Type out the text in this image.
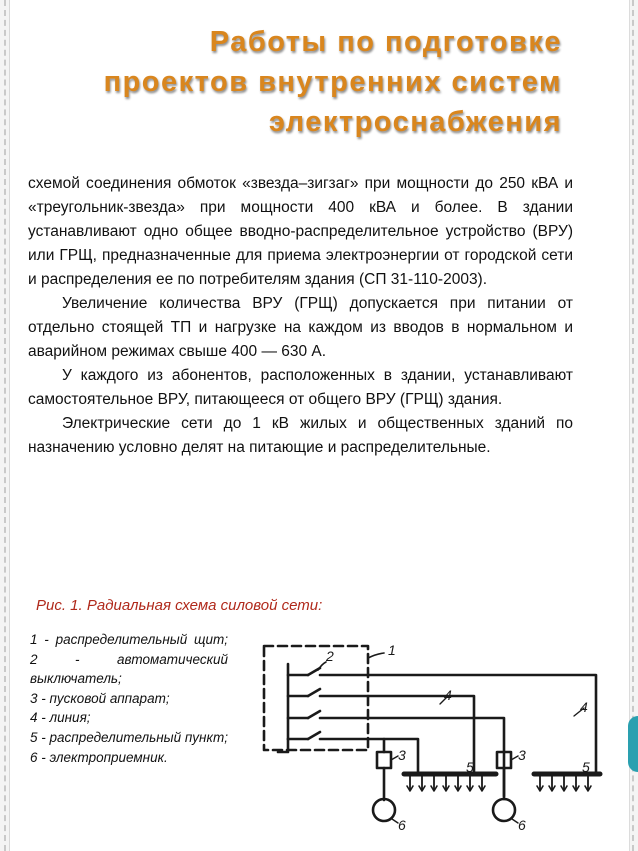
Работы по подготовке
проектов внутренних систем
электроснабжения

схемой соединения обмоток «звезда–зигзаг» при мощности до 250 кВА и «треугольник-звезда» при мощности 400 кВА и более. В здании устанавливают одно общее вводно-распределительное устройство (ВРУ) или ГРЩ, предназначенные для приема электроэнергии от городской сети и распределения ее по потребителям здания (СП 31-110-2003).

Увеличение количества ВРУ (ГРЩ) допускается при питании от отдельно стоящей ТП и нагрузке на каждом из вводов в нормальном и аварийном режимах свыше 400 — 630 А.

У каждого из абонентов, расположенных в здании, устанавливают самостоятельное ВРУ, питающееся от общего ВРУ (ГРЩ) здания.

Электрические сети до 1 кВ жилых и общественных зданий по назначению условно делят на питающие и распределительные.

Рис. 1. Радиальная схема силовой сети:
1 - распределительный щит;
2 - автоматический выключатель;
3 - пусковой аппарат;
4 - линия;
5 - распределительный пункт;
6 - электроприемник.
1
2
3	3
4
4
5	5
6	6
